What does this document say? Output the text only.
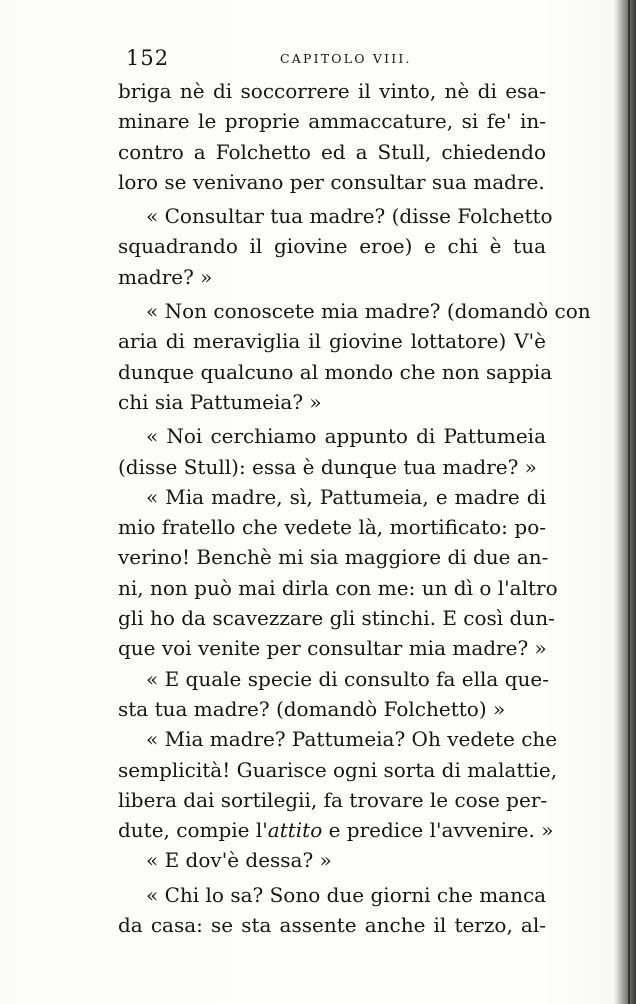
152	CAPITOLO VIII.
briga nè di soccorrere il vinto, nè di esa-
minare le proprie ammaccature, si fe' in-
contro a Folchetto ed a Stull, chiedendo
loro se venivano per consultar sua madre.
« Consultar tua madre? (disse Folchetto
squadrando il giovine eroe) e chi è tua
madre? »
« Non conoscete mia madre? (domandò con
aria di meraviglia il giovine lottatore) V'è
dunque qualcuno al mondo che non sappia
chi sia Pattumeia? »
« Noi cerchiamo appunto di Pattumeia
(disse Stull): essa è dunque tua madre? »
« Mia madre, sì, Pattumeia, e madre di
mio fratello che vedete là, mortificato: po-
verino! Benchè mi sia maggiore di due an-
ni, non può mai dirla con me: un dì o l'altro
gli ho da scavezzare gli stinchi. E così dun-
que voi venite per consultar mia madre? »
« E quale specie di consulto fa ella que-
sta tua madre? (domandò Folchetto) »
« Mia madre? Pattumeia? Oh vedete che
semplicità! Guarisce ogni sorta di malattie,
libera dai sortilegii, fa trovare le cose per-
dute, compie l'attito e predice l'avvenire. »
« E dov'è dessa? »
« Chi lo sa? Sono due giorni che manca
da casa: se sta assente anche il terzo, al-
